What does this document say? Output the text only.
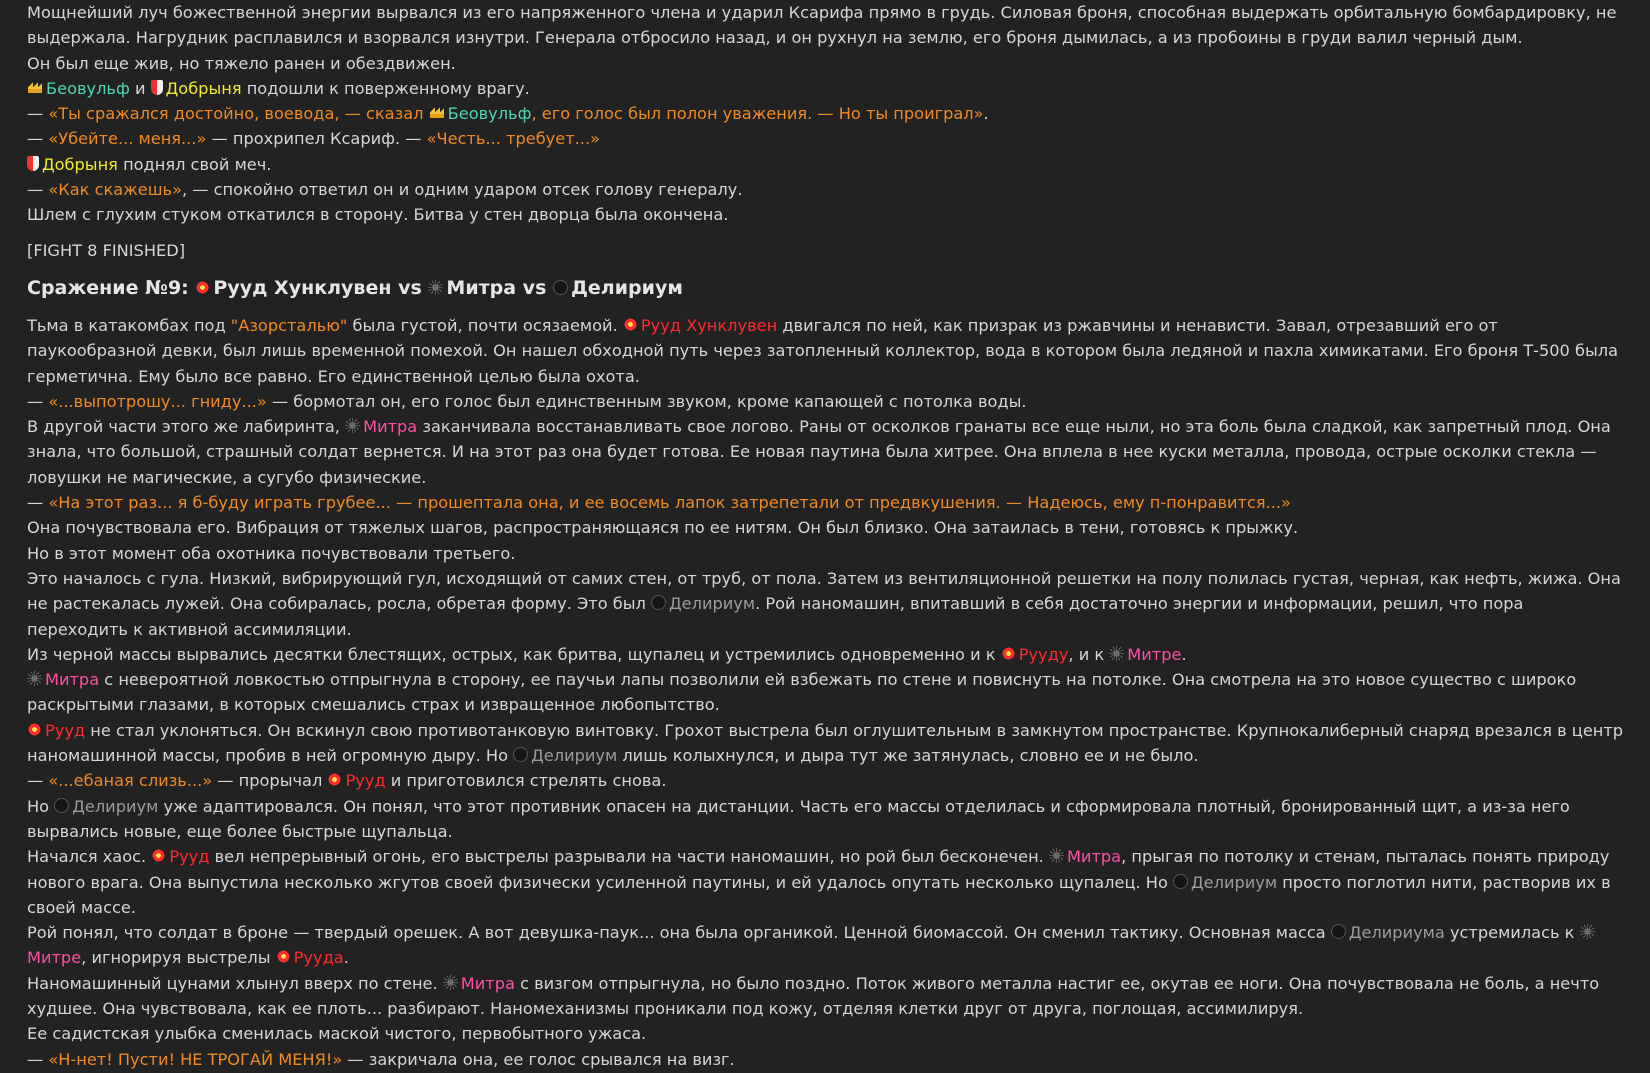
Мощнейший луч божественной энергии вырвался из его напряженного члена и ударил Ксарифа прямо в грудь. Силовая броня, способная выдержать орбитальную бомбардировку, не выдержала. Нагрудник расплавился и взорвался изнутри. Генерала отбросило назад, и он рухнул на землю, его броня дымилась, а из пробоины в груди валил черный дым.

Он был еще жив, но тяжело ранен и обездвижен.

Беовульф и Добрыня подошли к поверженному врагу.

— «Ты сражался достойно, воевода, — сказал Беовульф, его голос был полон уважения. — Но ты проиграл».

— «Убейте... меня...» — прохрипел Ксариф. — «Честь... требует...»

Добрыня поднял свой меч.

— «Как скажешь», — спокойно ответил он и одним ударом отсек голову генералу.

Шлем с глухим стуком откатился в сторону. Битва у стен дворца была окончена.

[FIGHT 8 FINISHED]

Сражение №9: Рууд Хунклувен vs Митра vs Делириум

Тьма в катакомбах под "Азорсталью" была густой, почти осязаемой. Рууд Хунклувен двигался по ней, как призрак из ржавчины и ненависти. Завал, отрезавший его от паукообразной девки, был лишь временной помехой. Он нашел обходной путь через затопленный коллектор, вода в котором была ледяной и пахла химикатами. Его броня Т-500 была герметична. Ему было все равно. Его единственной целью была охота.

— «...выпотрошу... гниду...» — бормотал он, его голос был единственным звуком, кроме капающей с потолка воды.

В другой части этого же лабиринта, Митра заканчивала восстанавливать свое логово. Раны от осколков гранаты все еще ныли, но эта боль была сладкой, как запретный плод. Она знала, что большой, страшный солдат вернется. И на этот раз она будет готова. Ее новая паутина была хитрее. Она вплела в нее куски металла, провода, острые осколки стекла — ловушки не магические, а сугубо физические.

— «На этот раз... я б-буду играть грубее... — прошептала она, и ее восемь лапок затрепетали от предвкушения. — Надеюсь, ему п-понравится...»

Она почувствовала его. Вибрация от тяжелых шагов, распространяющаяся по ее нитям. Он был близко. Она затаилась в тени, готовясь к прыжку.

Но в этот момент оба охотника почувствовали третьего.

Это началось с гула. Низкий, вибрирующий гул, исходящий от самих стен, от труб, от пола. Затем из вентиляционной решетки на полу полилась густая, черная, как нефть, жижа. Она не растекалась лужей. Она собиралась, росла, обретая форму. Это был Делириум. Рой наномашин, впитавший в себя достаточно энергии и информации, решил, что пора переходить к активной ассимиляции.

Из черной массы вырвались десятки блестящих, острых, как бритва, щупалец и устремились одновременно и к Рууду, и к Митре.

Митра с невероятной ловкостью отпрыгнула в сторону, ее паучьи лапы позволили ей взбежать по стене и повиснуть на потолке. Она смотрела на это новое существо с широко раскрытыми глазами, в которых смешались страх и извращенное любопытство.

Рууд не стал уклоняться. Он вскинул свою противотанковую винтовку. Грохот выстрела был оглушительным в замкнутом пространстве. Крупнокалиберный снаряд врезался в центр наномашинной массы, пробив в ней огромную дыру. Но Делириум лишь колыхнулся, и дыра тут же затянулась, словно ее и не было.

— «...ебаная слизь...» — прорычал Рууд и приготовился стрелять снова.

Но Делириум уже адаптировался. Он понял, что этот противник опасен на дистанции. Часть его массы отделилась и сформировала плотный, бронированный щит, а из-за него вырвались новые, еще более быстрые щупальца.

Начался хаос. Рууд вел непрерывный огонь, его выстрелы разрывали на части наномашин, но рой был бесконечен. Митра, прыгая по потолку и стенам, пыталась понять природу нового врага. Она выпустила несколько жгутов своей физически усиленной паутины, и ей удалось опутать несколько щупалец. Но Делириум просто поглотил нити, растворив их в своей массе.

Рой понял, что солдат в броне — твердый орешек. А вот девушка-паук... она была органикой. Ценной биомассой. Он сменил тактику. Основная масса Делириума устремилась к Митре, игнорируя выстрелы Рууда.

Наномашинный цунами хлынул вверх по стене. Митра с визгом отпрыгнула, но было поздно. Поток живого металла настиг ее, окутав ее ноги. Она почувствовала не боль, а нечто худшее. Она чувствовала, как ее плоть... разбирают. Наномеханизмы проникали под кожу, отделяя клетки друг от друга, поглощая, ассимилируя.

Ее садистская улыбка сменилась маской чистого, первобытного ужаса.

— «Н-нет! Пусти! НЕ ТРОГАЙ МЕНЯ!» — закричала она, ее голос срывался на визг.
